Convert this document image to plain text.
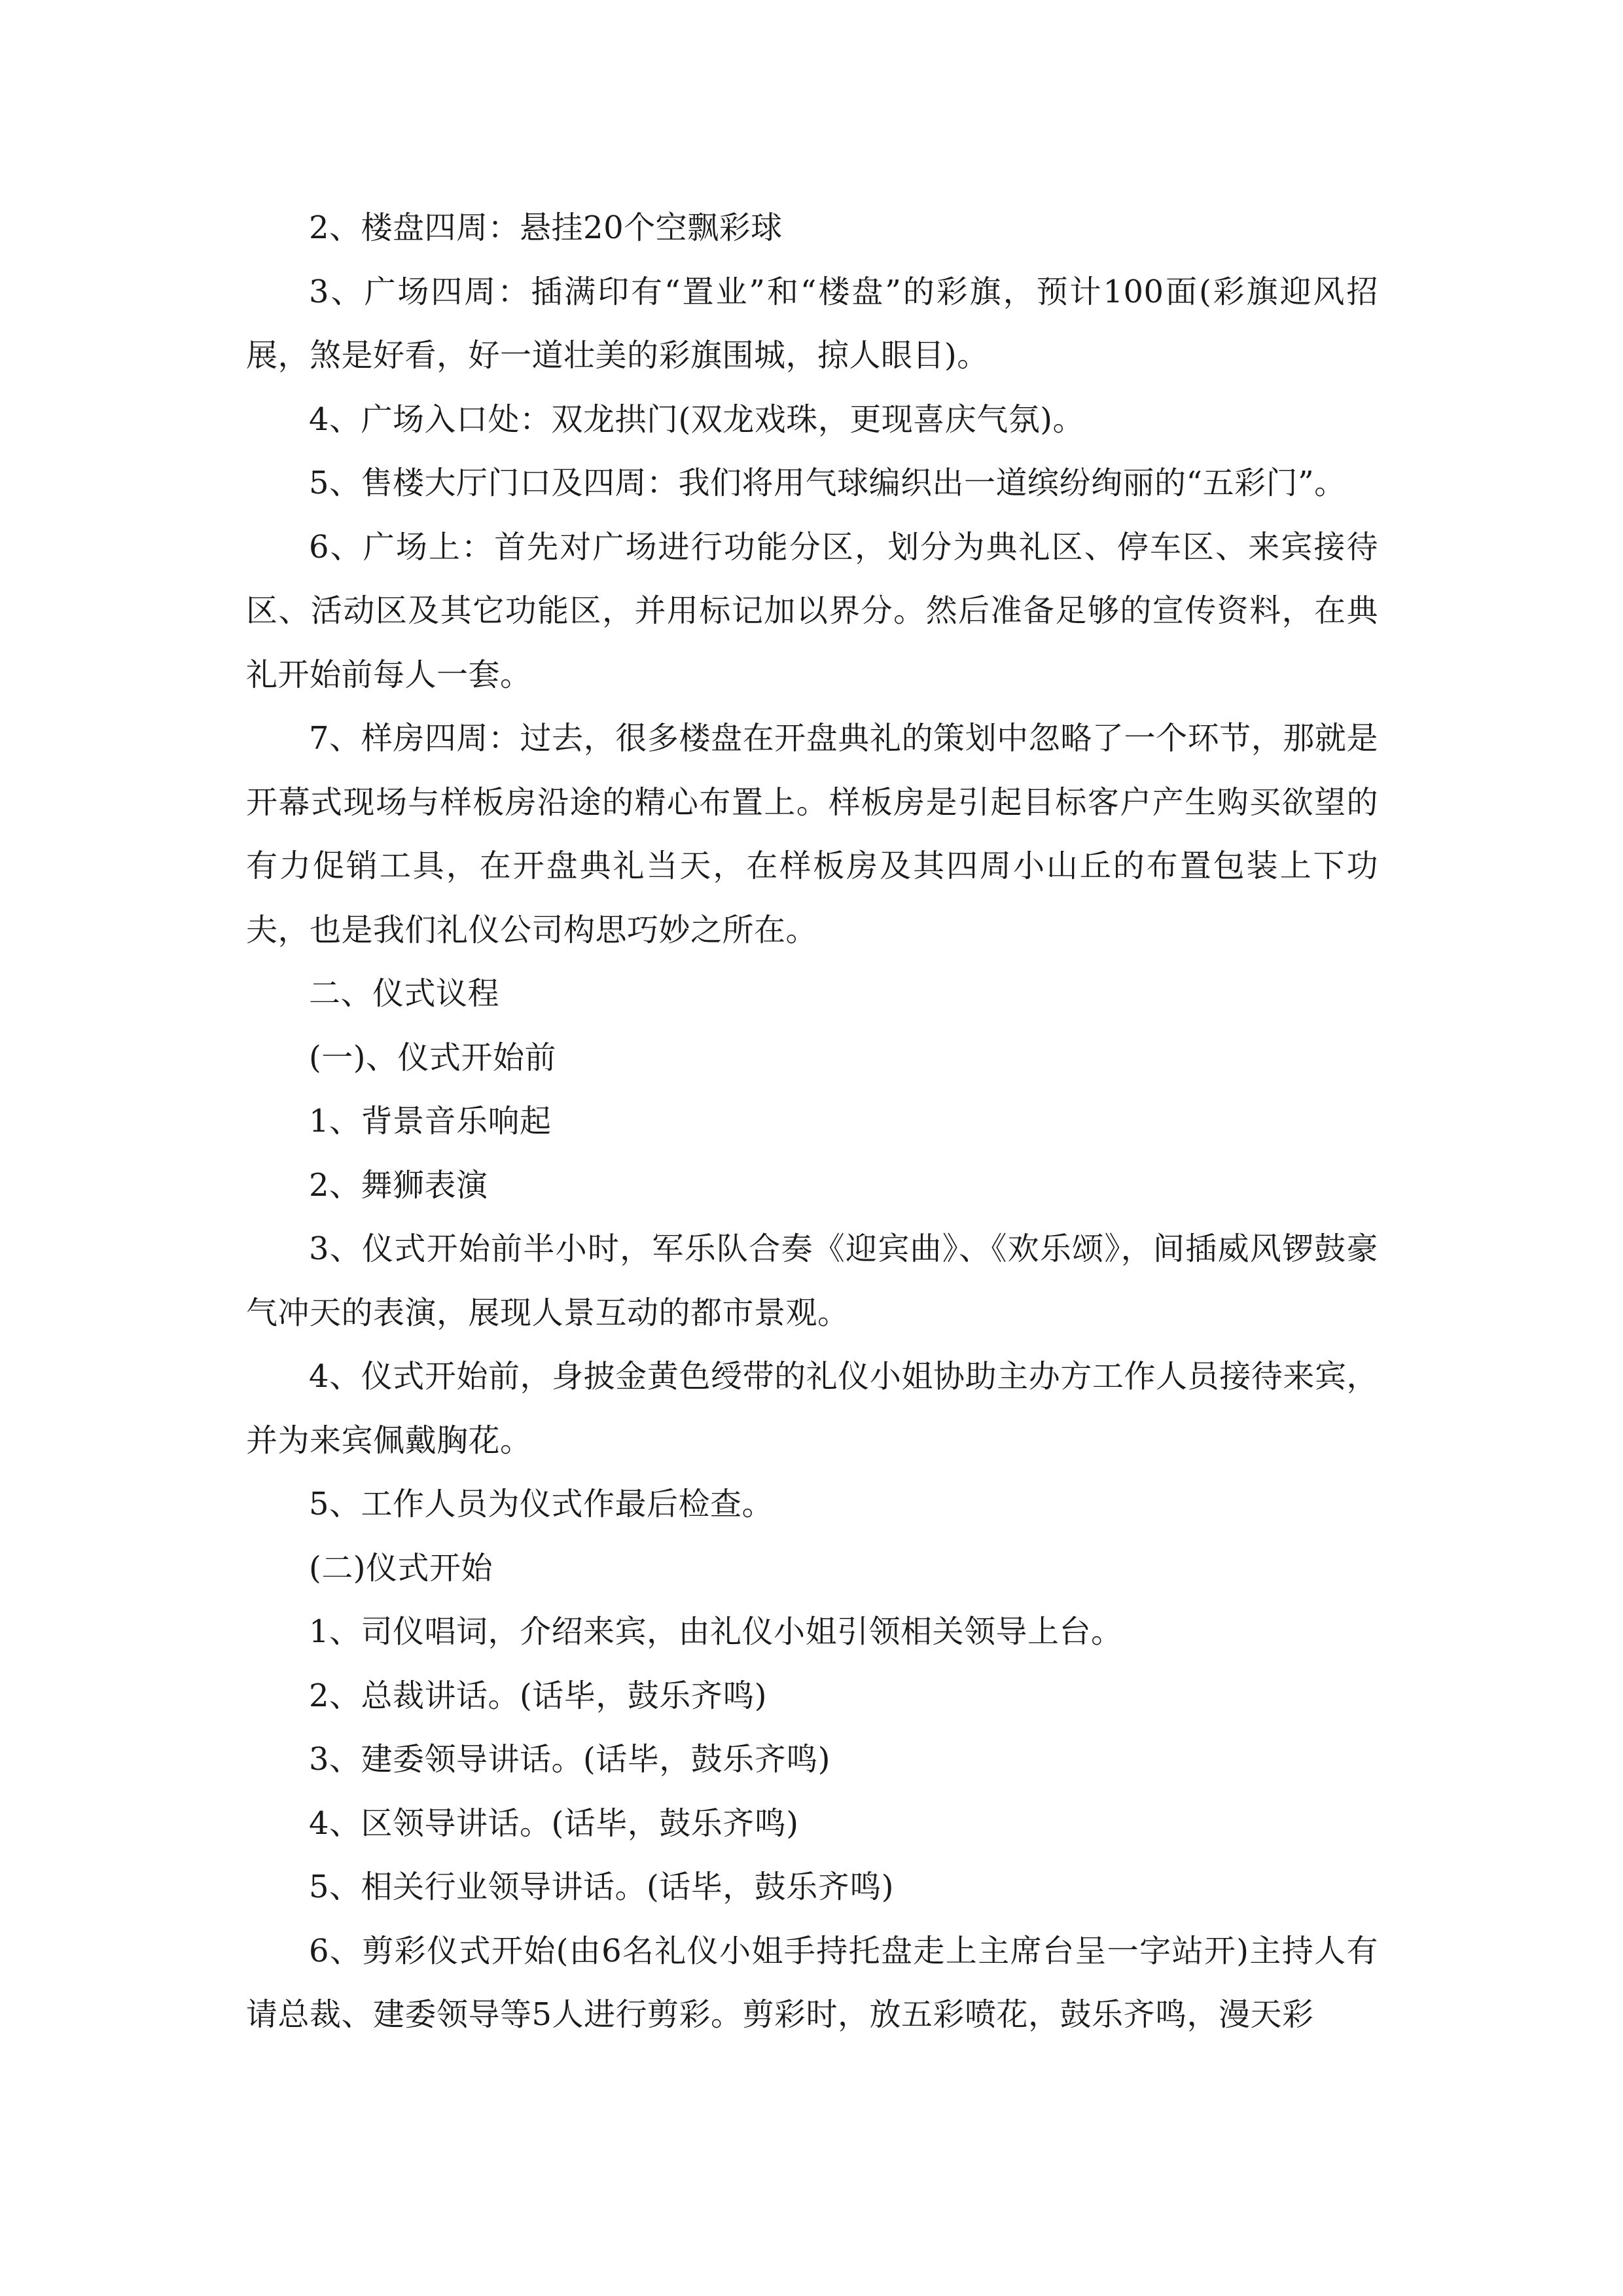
2、楼盘四周：悬挂20个空飘彩球

3、广场四周：插满印有“置业”和“楼盘”的彩旗，预计100面(彩旗迎风招展，煞是好看，好一道壮美的彩旗围城，掠人眼目)。

4、广场入口处：双龙拱门(双龙戏珠，更现喜庆气氛)。

5、售楼大厅门口及四周：我们将用气球编织出一道缤纷绚丽的“五彩门”。

6、广场上：首先对广场进行功能分区，划分为典礼区、停车区、来宾接待区、活动区及其它功能区，并用标记加以界分。然后准备足够的宣传资料，在典礼开始前每人一套。

7、样房四周：过去，很多楼盘在开盘典礼的策划中忽略了一个环节，那就是开幕式现场与样板房沿途的精心布置上。样板房是引起目标客户产生购买欲望的有力促销工具，在开盘典礼当天，在样板房及其四周小山丘的布置包装上下功夫，也是我们礼仪公司构思巧妙之所在。

二、仪式议程

(一)、仪式开始前

1、背景音乐响起

2、舞狮表演

3、仪式开始前半小时，军乐队合奏《迎宾曲》、《欢乐颂》，间插威风锣鼓豪气冲天的表演，展现人景互动的都市景观。

4、仪式开始前，身披金黄色绶带的礼仪小姐协助主办方工作人员接待来宾，并为来宾佩戴胸花。

5、工作人员为仪式作最后检查。

(二)仪式开始

1、司仪唱词，介绍来宾，由礼仪小姐引领相关领导上台。

2、总裁讲话。(话毕，鼓乐齐鸣)

3、建委领导讲话。(话毕，鼓乐齐鸣)

4、区领导讲话。(话毕，鼓乐齐鸣)

5、相关行业领导讲话。(话毕，鼓乐齐鸣)

6、剪彩仪式开始(由6名礼仪小姐手持托盘走上主席台呈一字站开)主持人有请总裁、建委领导等5人进行剪彩。剪彩时，放五彩喷花，鼓乐齐鸣，漫天彩
